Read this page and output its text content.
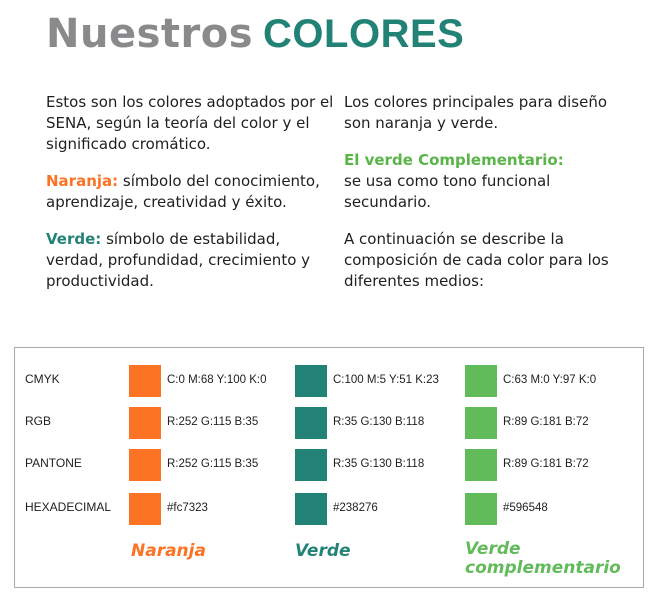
Nuestros COLORES

Estos son los colores adoptados por el SENA, según la teoría del color y el significado cromático.

Naranja: símbolo del conocimiento, aprendizaje, creatividad y éxito.

Verde: símbolo de estabilidad, verdad, profundidad, crecimiento y productividad.

Los colores principales para diseño son naranja y verde.

El verde Complementario:
se usa como tono funcional secundario.

A continuación se describe la composición de cada color para los diferentes medios:

CMYK
RGB
PANTONE
HEXADECIMAL
C:0 M:68 Y:100 K:0
R:252 G:115 B:35
R:252 G:115 B:35
#fc7323
Naranja
C:100 M:5 Y:51 K:23
R:35 G:130 B:118
R:35 G:130 B:118
#238276
Verde
C:63 M:0 Y:97 K:0
R:89 G:181 B:72
R:89 G:181 B:72
#596548
Verde
complementario
